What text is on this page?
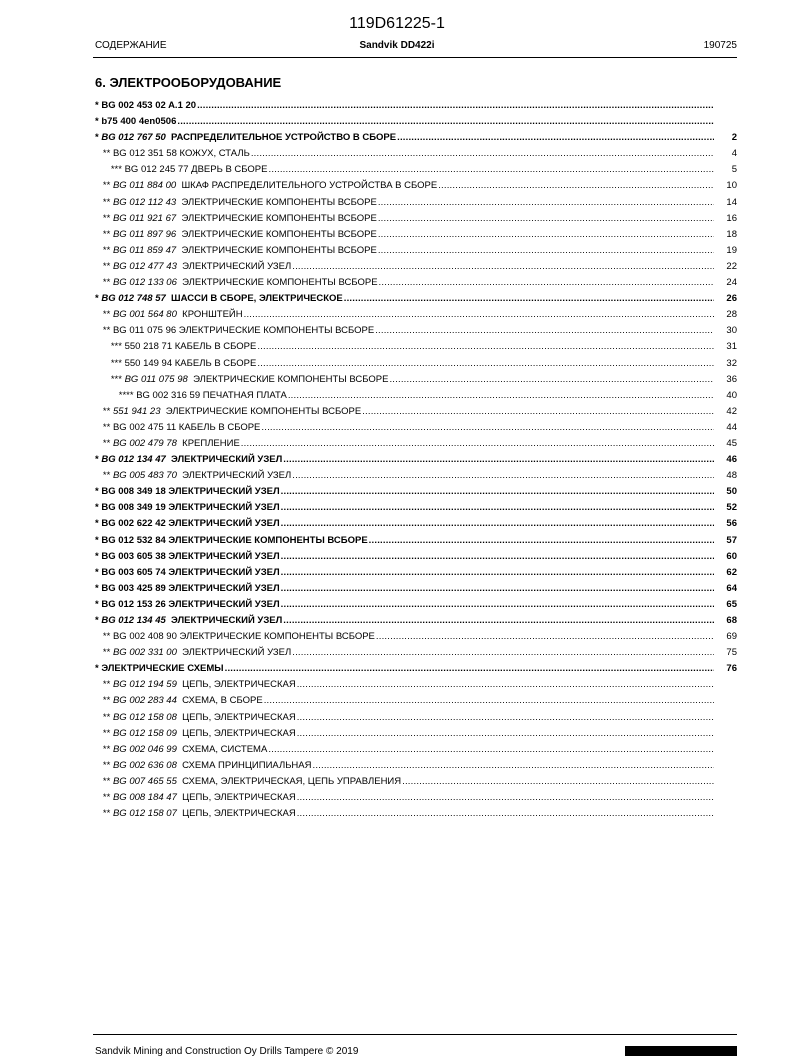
119D61225-1
СОДЕРЖАНИЕ	Sandvik DD422i	190725
6. ЭЛЕКТРООБОРУДОВАНИЕ
* BG 002 453 02 A.1 20
.....
* b75 400 4en0506
.....
* BG 012 767 50  РАСПРЕДЕЛИТЕЛЬНОЕ УСТРОЙСТВО В СБОРЕ .....	2
** BG 012 351 58 КОЖУХ, СТАЛЬ .....	4
*** BG 012 245 77 ДВЕРЬ В СБОРЕ .....	5
** BG 011 884 00  ШКАФ РАСПРЕДЕЛИТЕЛЬНОГО УСТРОЙСТВА В СБОРЕ .....	10
** BG 012 112 43  ЭЛЕКТРИЧЕСКИЕ КОМПОНЕНТЫ ВСБОРЕ .....	14
** BG 011 921 67  ЭЛЕКТРИЧЕСКИЕ КОМПОНЕНТЫ ВСБОРЕ .....	16
** BG 011 897 96  ЭЛЕКТРИЧЕСКИЕ КОМПОНЕНТЫ ВСБОРЕ .....	18
** BG 011 859 47  ЭЛЕКТРИЧЕСКИЕ КОМПОНЕНТЫ ВСБОРЕ .....	19
** BG 012 477 43  ЭЛЕКТРИЧЕСКИЙ УЗЕЛ .....	22
** BG 012 133 06  ЭЛЕКТРИЧЕСКИЕ КОМПОНЕНТЫ ВСБОРЕ .....	24
* BG 012 748 57  ШАССИ В СБОРЕ, ЭЛЕКТРИЧЕСКОЕ .....	26
** BG 001 564 80  КРОНШТЕЙН .....	28
** BG 011 075 96 ЭЛЕКТРИЧЕСКИЕ КОМПОНЕНТЫ ВСБОРЕ .....	30
*** 550 218 71 КАБЕЛЬ В СБОРЕ .....	31
*** 550 149 94 КАБЕЛЬ В СБОРЕ .....	32
*** BG 011 075 98  ЭЛЕКТРИЧЕСКИЕ КОМПОНЕНТЫ ВСБОРЕ .....	36
**** BG 002 316 59 ПЕЧАТНАЯ ПЛАТА .....	40
** 551 941 23  ЭЛЕКТРИЧЕСКИЕ КОМПОНЕНТЫ ВСБОРЕ .....	42
** BG 002 475 11 КАБЕЛЬ В СБОРЕ .....	44
** BG 002 479 78  КРЕПЛЕНИЕ .....	45
* BG 012 134 47  ЭЛЕКТРИЧЕСКИЙ УЗЕЛ .....	46
** BG 005 483 70  ЭЛЕКТРИЧЕСКИЙ УЗЕЛ .....	48
* BG 008 349 18 ЭЛЕКТРИЧЕСКИЙ УЗЕЛ .....	50
* BG 008 349 19 ЭЛЕКТРИЧЕСКИЙ УЗЕЛ .....	52
* BG 002 622 42 ЭЛЕКТРИЧЕСКИЙ УЗЕЛ .....	56
* BG 012 532 84 ЭЛЕКТРИЧЕСКИЕ КОМПОНЕНТЫ ВСБОРЕ .....	57
* BG 003 605 38 ЭЛЕКТРИЧЕСКИЙ УЗЕЛ .....	60
* BG 003 605 74 ЭЛЕКТРИЧЕСКИЙ УЗЕЛ .....	62
* BG 003 425 89 ЭЛЕКТРИЧЕСКИЙ УЗЕЛ .....	64
* BG 012 153 26 ЭЛЕКТРИЧЕСКИЙ УЗЕЛ .....	65
* BG 012 134 45  ЭЛЕКТРИЧЕСКИЙ УЗЕЛ .....	68
** BG 002 408 90 ЭЛЕКТРИЧЕСКИЕ КОМПОНЕНТЫ ВСБОРЕ .....	69
** BG 002 331 00  ЭЛЕКТРИЧЕСКИЙ УЗЕЛ .....	75
* ЭЛЕКТРИЧЕСКИЕ СХЕМЫ .....	76
** BG 012 194 59  ЦЕПЬ, ЭЛЕКТРИЧЕСКАЯ
.....
** BG 002 283 44  СХЕМА, В СБОРЕ
.....
** BG 012 158 08  ЦЕПЬ, ЭЛЕКТРИЧЕСКАЯ
.....
** BG 012 158 09  ЦЕПЬ, ЭЛЕКТРИЧЕСКАЯ
.....
** BG 002 046 99  СХЕМА, СИСТЕМА
.....
** BG 002 636 08  СХЕМА ПРИНЦИПИАЛЬНАЯ
.....
** BG 007 465 55  СХЕМА, ЭЛЕКТРИЧЕСКАЯ, ЦЕПЬ УПРАВЛЕНИЯ
.....
** BG 008 184 47  ЦЕПЬ, ЭЛЕКТРИЧЕСКАЯ
.....
** BG 012 158 07  ЦЕПЬ, ЭЛЕКТРИЧЕСКАЯ
.....
Sandvik Mining and Construction Oy Drills Tampere © 2019
